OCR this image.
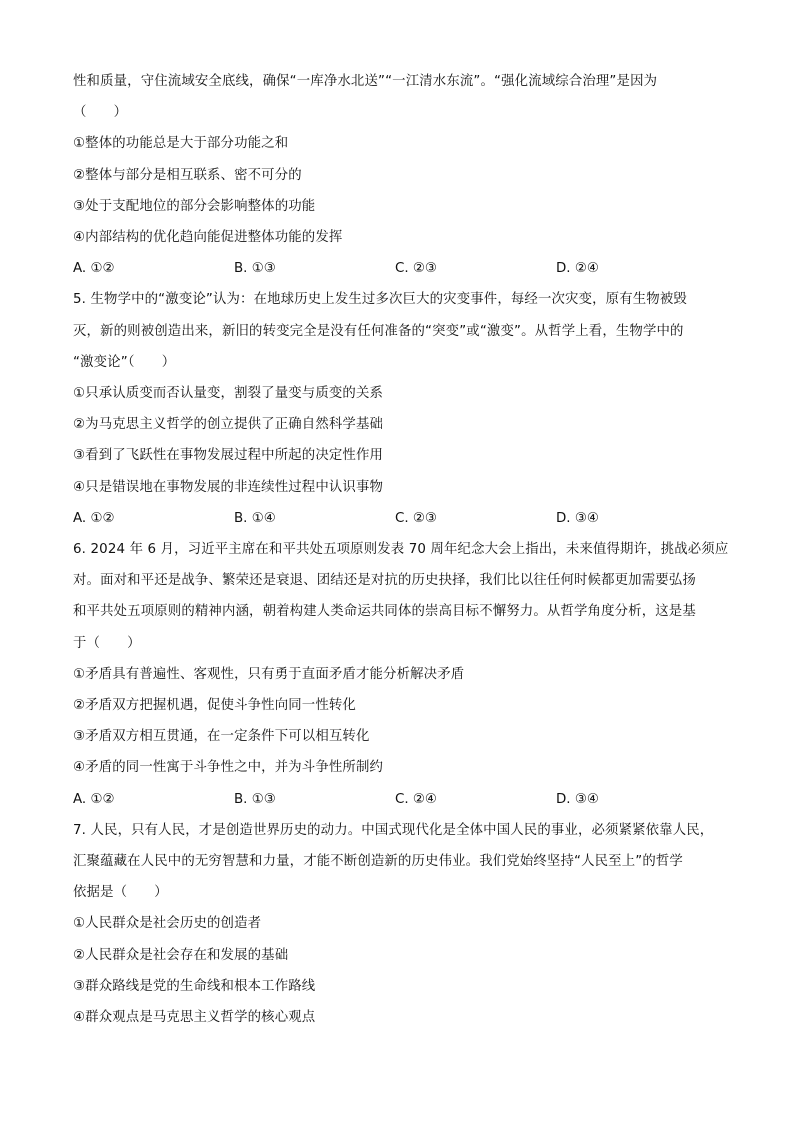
性和质量，守住流域安全底线，确保“一库净水北送”“一江清水东流”。“强化流域综合治理”是因为
（　　）
①整体的功能总是大于部分功能之和
②整体与部分是相互联系、密不可分的
③处于支配地位的部分会影响整体的功能
④内部结构的优化趋向能促进整体功能的发挥
A. ①②	B. ①③	C. ②③	D. ②④
5. 生物学中的“激变论”认为：在地球历史上发生过多次巨大的灾变事件，每经一次灾变，原有生物被毁
灭，新的则被创造出来，新旧的转变完全是没有任何准备的“突变”或“激变”。从哲学上看，生物学中的
“激变论”（　　）
①只承认质变而否认量变，割裂了量变与质变的关系
②为马克思主义哲学的创立提供了正确自然科学基础
③看到了飞跃性在事物发展过程中所起的决定性作用
④只是错误地在事物发展的非连续性过程中认识事物
A. ①②	B. ①④	C. ②③	D. ③④
6. 2024 年 6 月，习近平主席在和平共处五项原则发表 70 周年纪念大会上指出，未来值得期许，挑战必须应
对。面对和平还是战争、繁荣还是衰退、团结还是对抗的历史抉择，我们比以往任何时候都更加需要弘扬
和平共处五项原则的精神内涵，朝着构建人类命运共同体的崇高目标不懈努力。从哲学角度分析，这是基
于（　　）
①矛盾具有普遍性、客观性，只有勇于直面矛盾才能分析解决矛盾
②矛盾双方把握机遇，促使斗争性向同一性转化
③矛盾双方相互贯通，在一定条件下可以相互转化
④矛盾的同一性寓于斗争性之中，并为斗争性所制约
A. ①②	B. ①③	C. ②④	D. ③④
7. 人民，只有人民，才是创造世界历史的动力。中国式现代化是全体中国人民的事业，必须紧紧依靠人民，
汇聚蕴藏在人民中的无穷智慧和力量，才能不断创造新的历史伟业。我们党始终坚持“人民至上”的哲学
依据是（　　）
①人民群众是社会历史的创造者
②人民群众是社会存在和发展的基础
③群众路线是党的生命线和根本工作路线
④群众观点是马克思主义哲学的核心观点
